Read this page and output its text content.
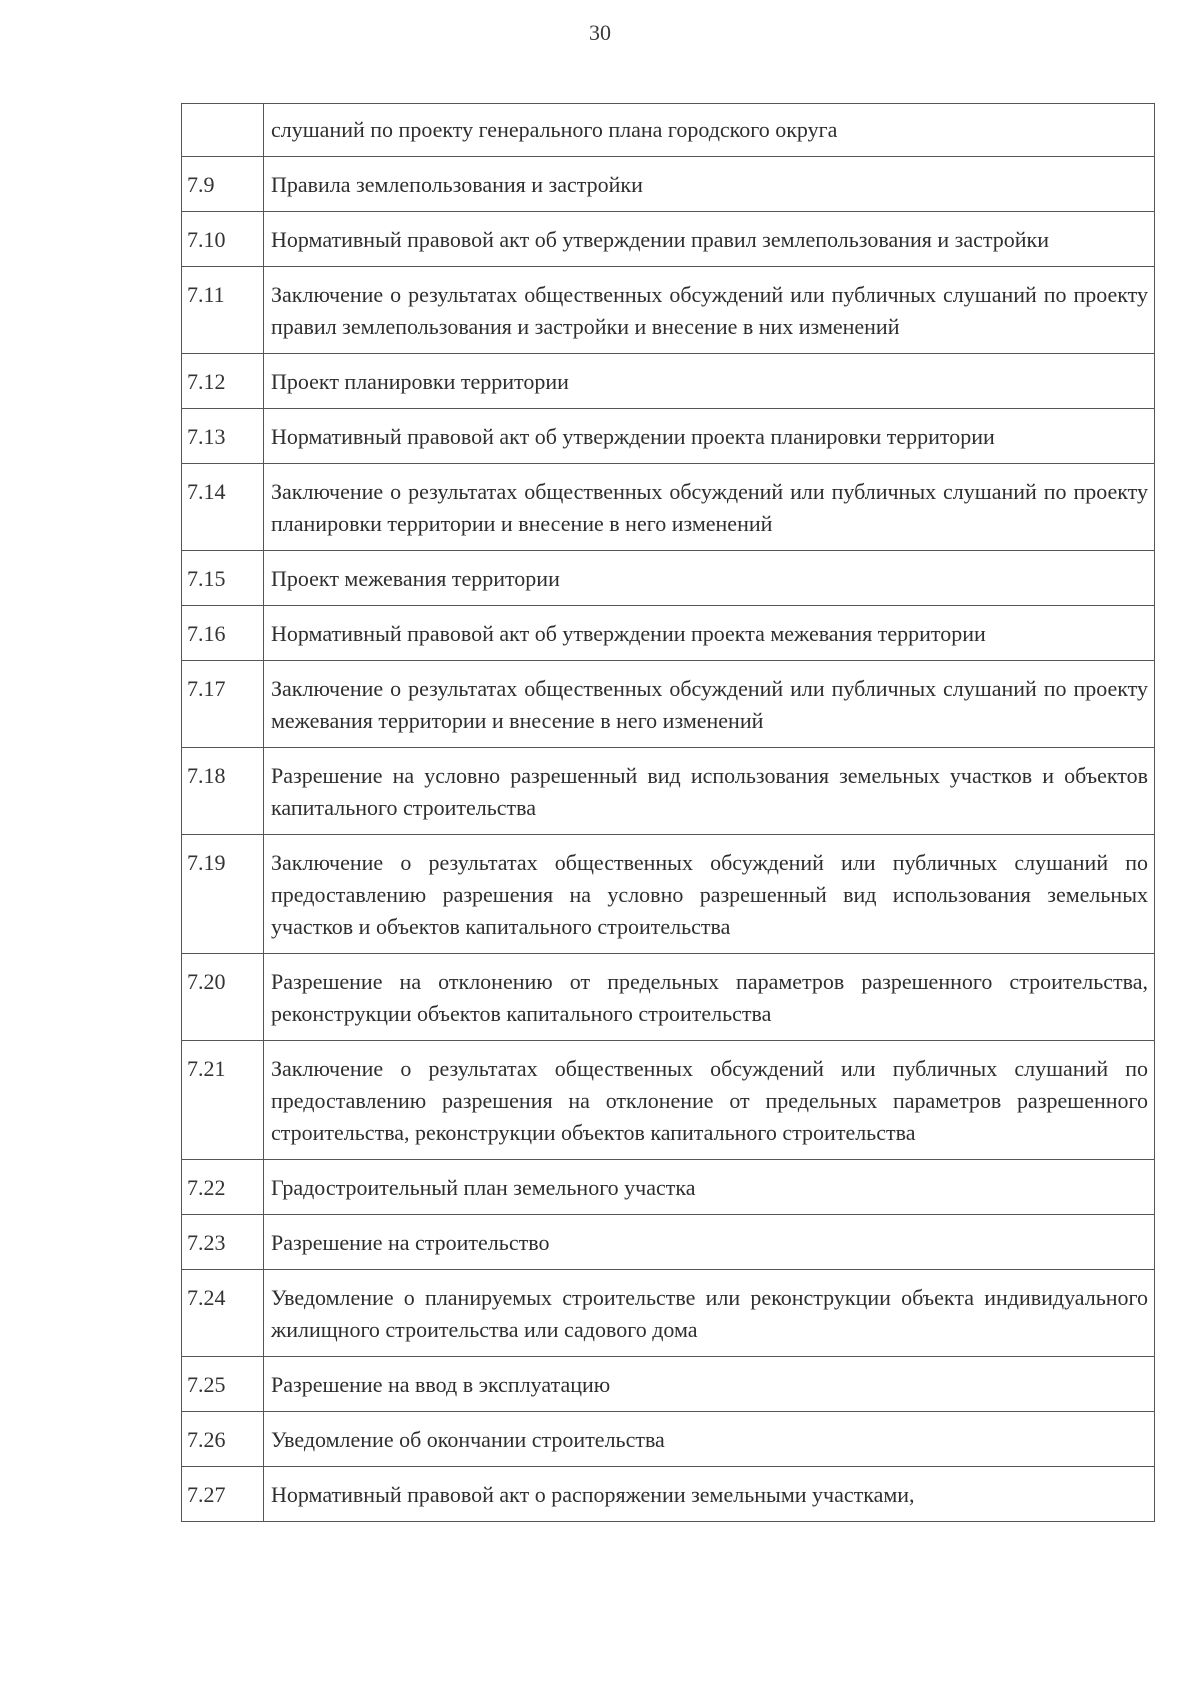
30
	слушаний по проекту генерального плана городского округа
7.9	Правила землепользования и застройки
7.10	Нормативный правовой акт об утверждении правил землепользования и застройки
7.11	Заключение о результатах общественных обсуждений или публичных слушаний по проекту правил землепользования и застройки и внесение в них изменений
7.12	Проект планировки территории
7.13	Нормативный правовой акт об утверждении проекта планировки территории
7.14	Заключение о результатах общественных обсуждений или публичных слушаний по проекту планировки территории и внесение в него изменений
7.15	Проект межевания территории
7.16	Нормативный правовой акт об утверждении проекта межевания территории
7.17	Заключение о результатах общественных обсуждений или публичных слушаний по проекту межевания территории и внесение в него изменений
7.18	Разрешение на условно разрешенный вид использования земельных участков и объектов капитального строительства
7.19	Заключение о результатах общественных обсуждений или публичных слушаний по предоставлению разрешения на условно разрешенный вид использования земельных участков и объектов капитального строительства
7.20	Разрешение на отклонению от предельных параметров разрешенного строительства, реконструкции объектов капитального строительства
7.21	Заключение о результатах общественных обсуждений или публичных слушаний по предоставлению разрешения на отклонение от предельных параметров разрешенного строительства, реконструкции объектов капитального строительства
7.22	Градостроительный план земельного участка
7.23	Разрешение на строительство
7.24	Уведомление о планируемых строительстве или реконструкции объекта индивидуального жилищного строительства или садового дома
7.25	Разрешение на ввод в эксплуатацию
7.26	Уведомление об окончании строительства
7.27	Нормативный правовой акт о распоряжении земельными участками,
